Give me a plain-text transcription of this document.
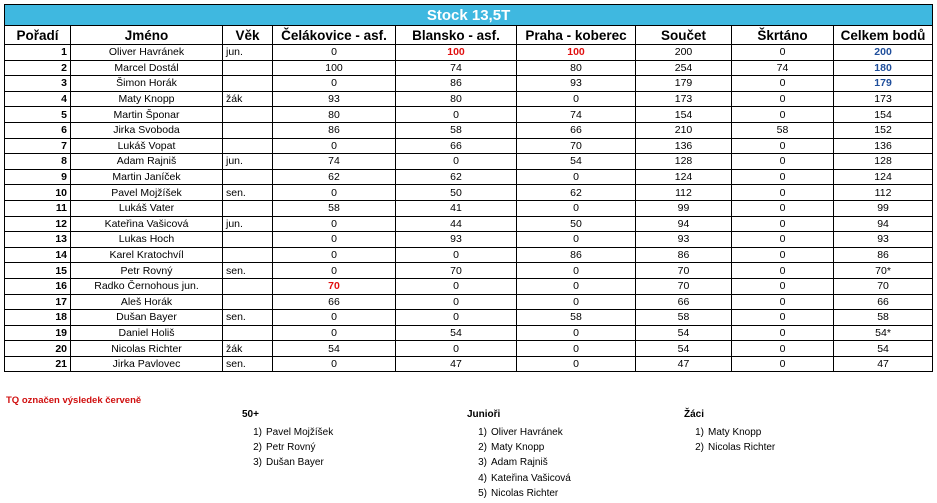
Stock 13,5T								
Pořadí	Jméno	Věk	Čelákovice - asf.	Blansko - asf.	Praha - koberec	Součet	Škrtáno	Celkem bodů
1	Oliver Havránek	jun.	0	100	100	200	0	200
2	Marcel Dostál		100	74	80	254	74	180
3	Šimon Horák		0	86	93	179	0	179
4	Maty Knopp	žák	93	80	0	173	0	173
5	Martin Šponar		80	0	74	154	0	154
6	Jirka Svoboda		86	58	66	210	58	152
7	Lukáš Vopat		0	66	70	136	0	136
8	Adam Rajniš	jun.	74	0	54	128	0	128
9	Martin Janíček		62	62	0	124	0	124
10	Pavel Mojžíšek	sen.	0	50	62	112	0	112
11	Lukáš Vater		58	41	0	99	0	99
12	Kateřina Vašicová	jun.	0	44	50	94	0	94
13	Lukas Hoch		0	93	0	93	0	93
14	Karel Kratochvíl		0	0	86	86	0	86
15	Petr Rovný	sen.	0	70	0	70	0	70*
16	Radko Černohous jun.		70	0	0	70	0	70
17	Aleš Horák		66	0	0	66	0	66
18	Dušan Bayer	sen.	0	0	58	58	0	58
19	Daniel Holiš		0	54	0	54	0	54*
20	Nicolas Richter	žák	54	0	0	54	0	54
21	Jirka Pavlovec	sen.	0	47	0	47	0	47
TQ označen výsledek červeně
50+
1) Pavel Mojžíšek
2) Petr Rovný
3) Dušan Bayer
Junioři
1) Oliver Havránek
2) Maty Knopp
3) Adam Rajniš
4) Kateřina Vašicová
5) Nicolas Richter
Žáci
1) Maty Knopp
2) Nicolas Richter
